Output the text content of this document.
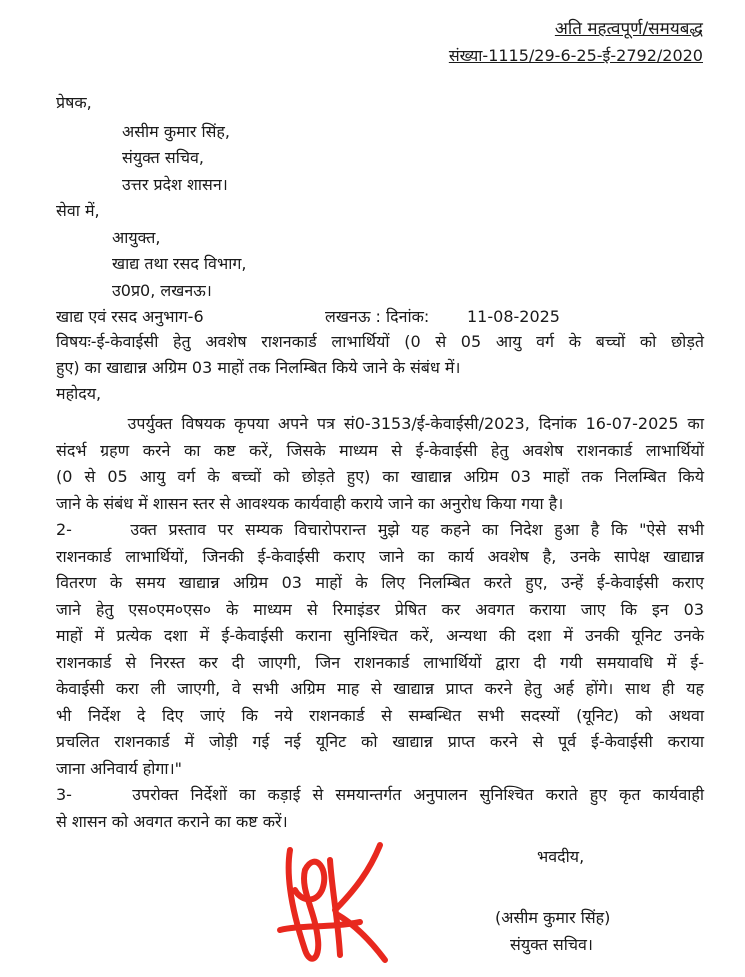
अति महत्वपूर्ण/समयबद्ध
संख्या-1115/29-6-25-ई-2792/2020
प्रेषक,
असीम कुमार सिंह,
संयुक्त सचिव,
उत्तर प्रदेश शासन।
सेवा में,
आयुक्त,
खाद्य तथा रसद विभाग,
उ0प्र0, लखनऊ।
खाद्य एवं रसद अनुभाग-6	लखनऊ : दिनांक: 11-08-2025
विषयः-ई-केवाईसी हेतु अवशेष राशनकार्ड लाभार्थियों (0 से 05 आयु वर्ग के बच्चों को छोड़ते
हुए) का खाद्यान्न अग्रिम 03 माहों तक निलम्बित किये जाने के संबंध में।
महोदय,
उपर्युक्त विषयक कृपया अपने पत्र सं0-3153/ई-केवाईसी/2023, दिनांक 16-07-2025 का
संदर्भ ग्रहण करने का कष्ट करें, जिसके माध्यम से ई-केवाईसी हेतु अवशेष राशनकार्ड लाभार्थियों
(0 से 05 आयु वर्ग के बच्चों को छोड़ते हुए) का खाद्यान्न अग्रिम 03 माहों तक निलम्बित किये
जाने के संबंध में शासन स्तर से आवश्यक कार्यवाही कराये जाने का अनुरोध किया गया है।
2-     उक्त प्रस्ताव पर सम्यक विचारोपरान्त मुझे यह कहने का निदेश हुआ है कि "ऐसे सभी
राशनकार्ड लाभार्थियों, जिनकी ई-केवाईसी कराए जाने का कार्य अवशेष है, उनके सापेक्ष खाद्यान्न
वितरण के समय खाद्यान्न अग्रिम 03 माहों के लिए निलम्बित करते हुए, उन्हें ई-केवाईसी कराए
जाने हेतु एस०एम०एस० के माध्यम से रिमाइंडर प्रेषित कर अवगत कराया जाए कि इन 03
माहों में प्रत्येक दशा में ई-केवाईसी कराना सुनिश्चित करें, अन्यथा की दशा में उनकी यूनिट उनके
राशनकार्ड से निरस्त कर दी जाएगी, जिन राशनकार्ड लाभार्थियों द्वारा दी गयी समयावधि में ई-
केवाईसी करा ली जाएगी, वे सभी अग्रिम माह से खाद्यान्न प्राप्त करने हेतु अर्ह होंगे। साथ ही यह
भी निर्देश दे दिए जाएं कि नये राशनकार्ड से सम्बन्धित सभी सदस्यों (यूनिट) को अथवा
प्रचलित राशनकार्ड में जोड़ी गई नई यूनिट को खाद्यान्न प्राप्त करने से पूर्व ई-केवाईसी कराया
जाना अनिवार्य होगा।"
3-     उपरोक्त निर्देशों का कड़ाई से समयान्तर्गत अनुपालन सुनिश्चित कराते हुए कृत कार्यवाही
से शासन को अवगत कराने का कष्ट करें।
भवदीय,
(असीम कुमार सिंह)
संयुक्त सचिव।
